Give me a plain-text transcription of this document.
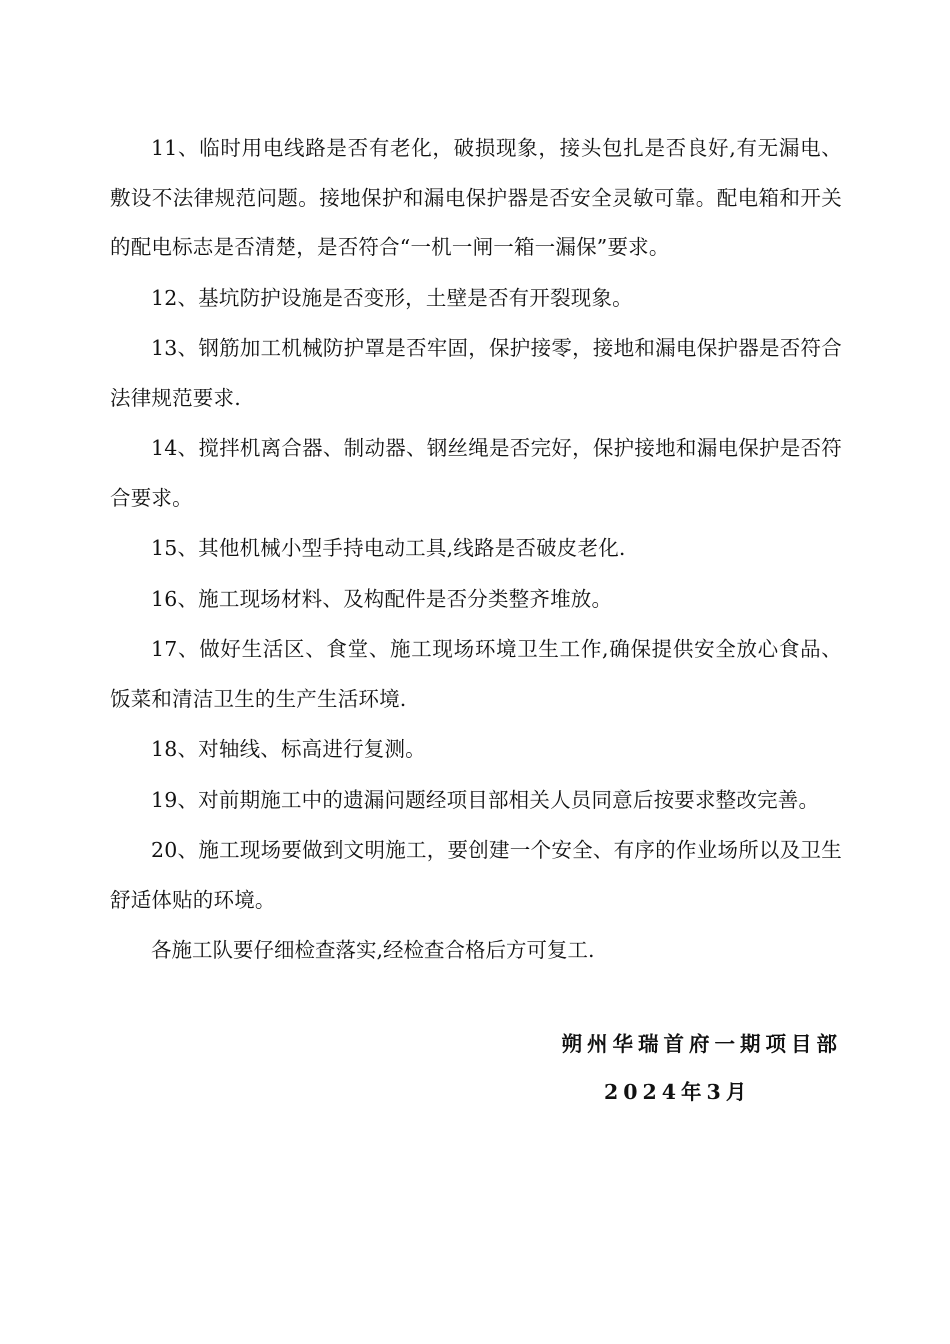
11、临时用电线路是否有老化，破损现象，接头包扎是否良好,有无漏电、敷设不法律规范问题。接地保护和漏电保护器是否安全灵敏可靠。配电箱和开关的配电标志是否清楚，是否符合“一机一闸一箱一漏保”要求。

12、基坑防护设施是否变形，土壁是否有开裂现象。

13、钢筋加工机械防护罩是否牢固，保护接零，接地和漏电保护器是否符合法律规范要求.

14、搅拌机离合器、制动器、钢丝绳是否完好，保护接地和漏电保护是否符合要求。

15、其他机械小型手持电动工具,线路是否破皮老化.

16、施工现场材料、及构配件是否分类整齐堆放。

17、做好生活区、食堂、施工现场环境卫生工作,确保提供安全放心食品、饭菜和清洁卫生的生产生活环境.

18、对轴线、标高进行复测。

19、对前期施工中的遗漏问题经项目部相关人员同意后按要求整改完善。

20、施工现场要做到文明施工，要创建一个安全、有序的作业场所以及卫生舒适体贴的环境。

各施工队要仔细检查落实,经检查合格后方可复工.

朔州华瑞首府一期项目部
2024年3月
